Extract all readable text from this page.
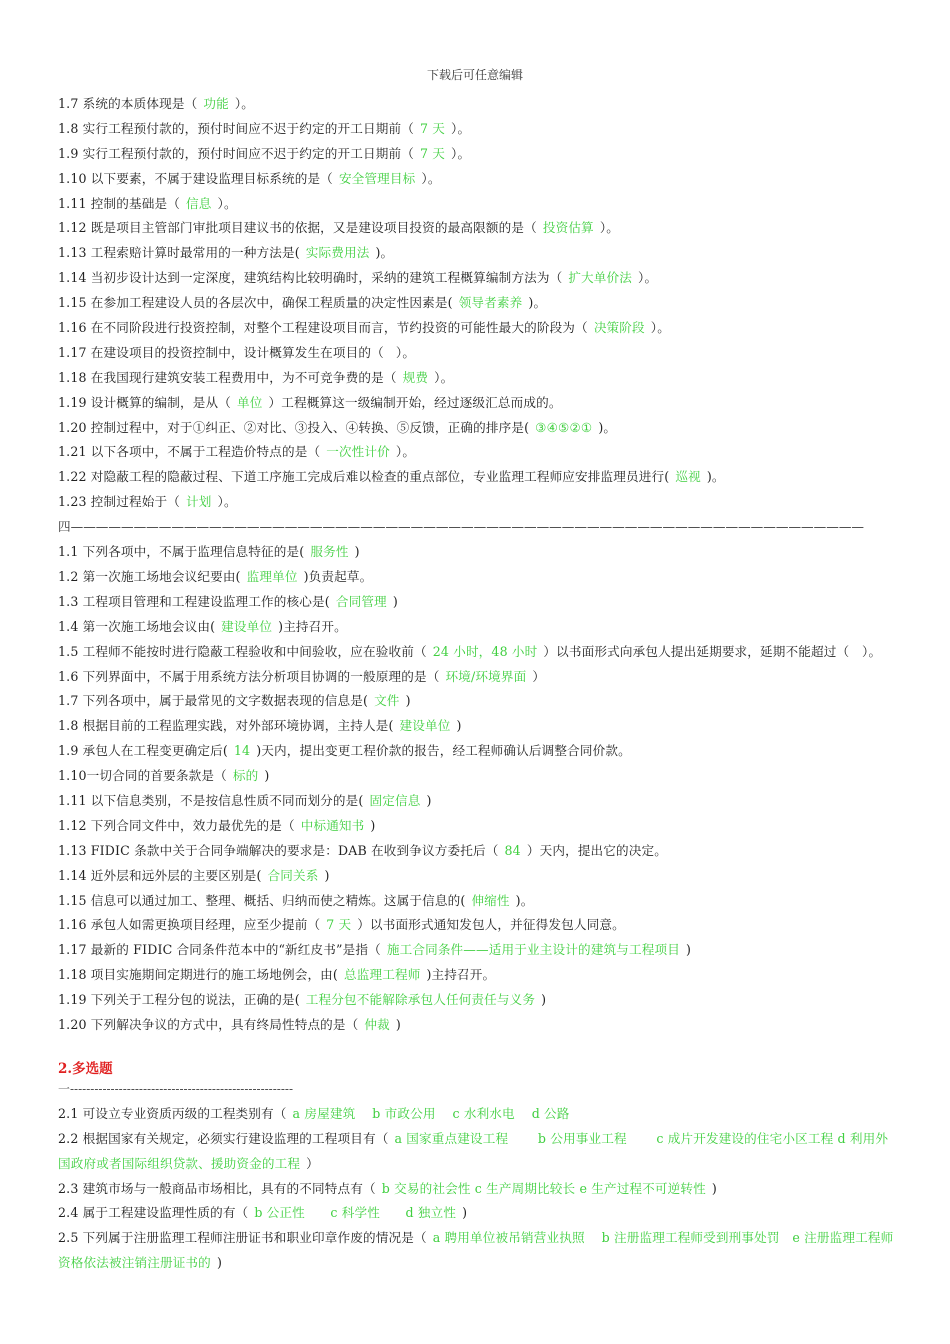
下载后可任意编辑
1.7 系统的本质体现是（ 功能 ）。
1.8 实行工程预付款的，预付时间应不迟于约定的开工日期前（ 7 天 ）。
1.9 实行工程预付款的，预付时间应不迟于约定的开工日期前（ 7 天 ）。
1.10 以下要素，不属于建设监理目标系统的是（ 安全管理目标 ）。
1.11 控制的基础是（ 信息 ）。
1.12 既是项目主管部门审批项目建议书的依据，又是建设项目投资的最高限额的是（ 投资估算 ）。
1.13 工程索赔计算时最常用的一种方法是( 实际费用法 )。
1.14 当初步设计达到一定深度，建筑结构比较明确时，采纳的建筑工程概算编制方法为（ 扩大单价法 ）。
1.15 在参加工程建设人员的各层次中，确保工程质量的决定性因素是( 领导者素养 )。
1.16 在不同阶段进行投资控制，对整个工程建设项目而言，节约投资的可能性最大的阶段为（ 决策阶段 ）。
1.17 在建设项目的投资控制中，设计概算发生在项目的（ ）。
1.18 在我国现行建筑安装工程费用中，为不可竞争费的是（ 规费 ）。
1.19 设计概算的编制，是从（ 单位 ）工程概算这一级编制开始，经过逐级汇总而成的。
1.20 控制过程中，对于①纠正、②对比、③投入、④转换、⑤反馈，正确的排序是( ③④⑤②① )。
1.21 以下各项中，不属于工程造价特点的是（ 一次性计价 ）。
1.22 对隐蔽工程的隐蔽过程、下道工序施工完成后难以检查的重点部位，专业监理工程师应安排监理员进行( 巡视 )。
1.23 控制过程始于（ 计划 ）。
四———————————————————————————————————————————————————————————————
1.1 下列各项中，不属于监理信息特征的是( 服务性 )
1.2 第一次施工场地会议纪要由( 监理单位 )负责起草。
1.3 工程项目管理和工程建设监理工作的核心是( 合同管理 )
1.4 第一次施工场地会议由( 建设单位 )主持召开。
1.5 工程师不能按时进行隐蔽工程验收和中间验收，应在验收前（ 24 小时，48 小时 ）以书面形式向承包人提出延期要求，延期不能超过（　）。
1.6 下列界面中，不属于用系统方法分析项目协调的一般原理的是（ 环境/环境界面 ）
1.7 下列各项中，属于最常见的文字数据表现的信息是( 文件 )
1.8 根据目前的工程监理实践，对外部环境协调，主持人是( 建设单位 )
1.9 承包人在工程变更确定后( 14 )天内，提出变更工程价款的报告，经工程师确认后调整合同价款。
1.10一切合同的首要条款是（ 标的 )
1.11 以下信息类别，不是按信息性质不同而划分的是( 固定信息 )
1.12 下列合同文件中，效力最优先的是（ 中标通知书 )
1.13 FIDIC 条款中关于合同争端解决的要求是：DAB 在收到争议方委托后（ 84 ）天内，提出它的决定。
1.14 近外层和远外层的主要区别是( 合同关系 )
1.15 信息可以通过加工、整理、概括、归纳而使之精炼。这属于信息的( 伸缩性 )。
1.16 承包人如需更换项目经理，应至少提前（ 7 天 ）以书面形式通知发包人，并征得发包人同意。
1.17 最新的 FIDIC 合同条件范本中的“新红皮书”是指（ 施工合同条件——适用于业主设计的建筑与工程项目 )
1.18 项目实施期间定期进行的施工场地例会，由( 总监理工程师 )主持召开。
1.19 下列关于工程分包的说法，正确的是( 工程分包不能解除承包人任何责任与义务 )
1.20 下列解决争议的方式中，具有终局性特点的是（ 仲裁 )
2.多选题
一-------------------------------------------------------
2.1 可设立专业资质丙级的工程类别有（ a 房屋建筑　 b 市政公用　 c 水利水电　 d 公路
2.2 根据国家有关规定，必须实行建设监理的工程项目有（ a 国家重点建设工程　　 b 公用事业工程　　 c 成片开发建设的住宅小区工程 d 利用外国政府或者国际组织贷款、援助资金的工程 ）
2.3 建筑市场与一般商品市场相比，具有的不同特点有（ b 交易的社会性 c 生产周期比较长 e 生产过程不可逆转性 )
2.4 属于工程建设监理性质的有（ b 公正性　　c 科学性　　d 独立性 )
2.5 下列属于注册监理工程师注册证书和职业印章作废的情况是（ a 聘用单位被吊销营业执照　 b 注册监理工程师受到刑事处罚　e 注册监理工程师资格依法被注销注册证书的 )
